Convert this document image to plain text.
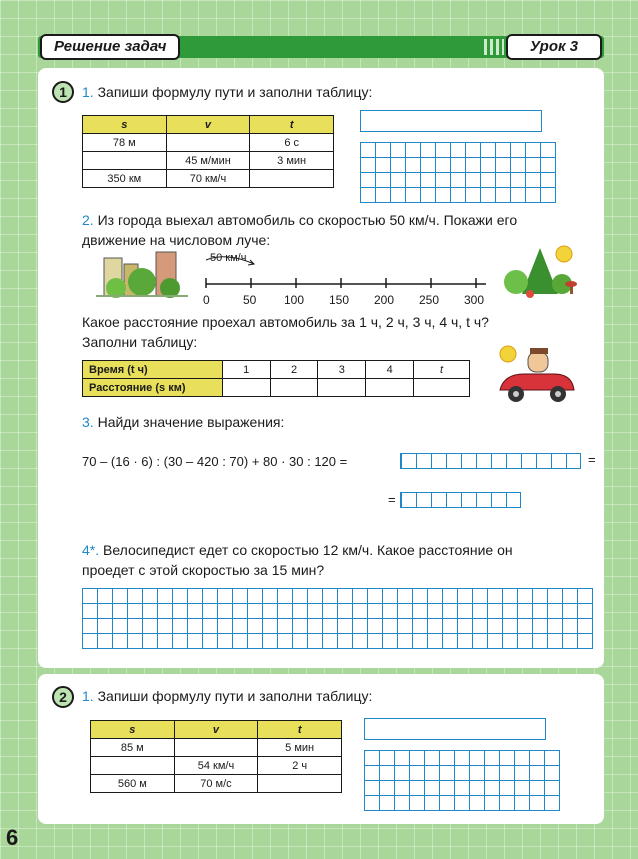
Решение задач	Урок 3
1	1. Запиши формулу пути и заполни таблицу:
s	v	t
78 м		6 с
	45 м/мин	3 мин
350 км	70 км/ч	
2. Из города выехал автомобиль со скоростью 50 км/ч. Покажи его
движение на числовом луче:
50 км/ч
0	50 100 150 200 250 300
Какое расстояние проехал автомобиль за 1 ч, 2 ч, 3 ч, 4 ч, t ч?
Заполни таблицу:
Время (t ч)	1	2	3	4	t
Расстояние (s км)					
3. Найди значение выражения:
70 – (16 · 6) : (30 – 420 : 70) + 80 · 30 : 120 =	=
=
4*. Велосипедист едет со скоростью 12 км/ч. Какое расстояние он
проедет с этой скоростью за 15 мин?
2	1. Запиши формулу пути и заполни таблицу:
s	v	t
85 м		5 мин
	54 км/ч	2 ч
560 м	70 м/с	
6
